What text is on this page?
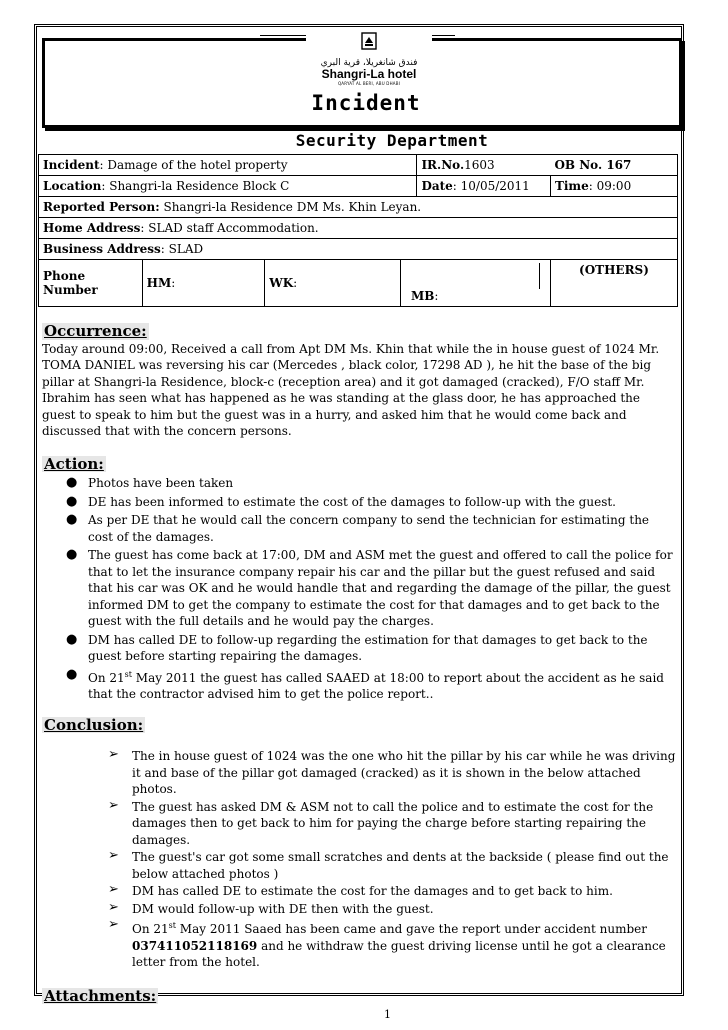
فندق شانغريلا، قرية البري
Shangri-La hotel
QARYAT AL BERI, ABU DHABI
Incident
Security Department
Incident: Damage of the hotel property				IR.No.1603	OB No. 167
Location: Shangri-la Residence Block C				Date: 10/05/2011	Time: 09:00
Reported Person: Shangri-la Residence DM Ms. Khin Leyan.					
Home Address: SLAD staff Accommodation.					
Business Address: SLAD					
Phone Number	HM:	WK:	MB:		(OTHERS)
Occurrence:

Today around 09:00, Received a call from Apt DM Ms. Khin that while the in house guest of 1024 Mr. TOMA DANIEL was reversing his car (Mercedes , black color, 17298 AD ), he hit the base of the big pillar at Shangri-la Residence, block-c (reception area) and it got damaged (cracked), F/O staff Mr. Ibrahim has seen what has happened as he was standing at the glass door, he has approached the guest to speak to him but the guest was in a hurry, and asked him that he would come back and discussed that with the concern persons.

Action:
● Photos have been taken
● DE has been informed to estimate the cost of the damages to follow-up with the guest.
● As per DE that he would call the concern company to send the technician for estimating the cost of the damages.
● The guest has come back at 17:00, DM and ASM met the guest and offered to call the police for that to let the insurance company repair his car and the pillar but the guest refused and said that his car was OK and he would handle that and regarding the damage of the pillar, the guest informed DM to get the company to estimate the cost for that damages and to get back to the guest with the full details and he would pay the charges.
● DM has called DE to follow-up regarding the estimation for that damages to get back to the guest before starting repairing the damages.
● On 21st May 2011 the guest has called SAAED at 18:00 to report about the accident as he said that the contractor advised him to get the police report..
Conclusion:
➢ The in house guest of 1024 was the one who hit the pillar by his car while he was driving it and base of the pillar got damaged (cracked) as it is shown in the below attached photos.
➢ The guest has asked DM & ASM not to call the police and to estimate the cost for the damages then to get back to him for paying the charge before starting repairing the damages.
➢ The guest's car got some small scratches and dents at the backside ( please find out the below attached photos )
➢ DM has called DE to estimate the cost for the damages and to get back to him.
➢ DM would follow-up with DE then with the guest.
➢ On 21st May 2011 Saaed has been came and gave the report under accident number 037411052118169 and he withdraw the guest driving license until he got a clearance letter from the hotel.
Attachments:
1
